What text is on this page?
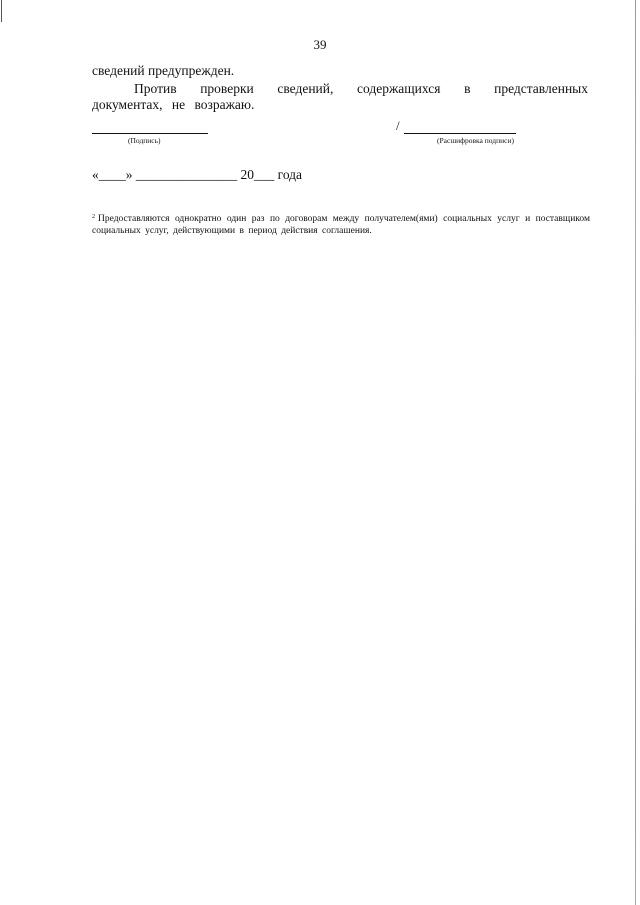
39
сведений предупрежден.
Против проверки сведений, содержащихся в представленных документах, не возражаю.
/
(Подпись)	(Расшифровка подписи)
«____» _______________ 20___ года
$^2$ Предоставляются однократно один раз по договорам между получателем(ями) социальных услуг и поставщиком социальных услуг, действующими в период действия соглашения.
